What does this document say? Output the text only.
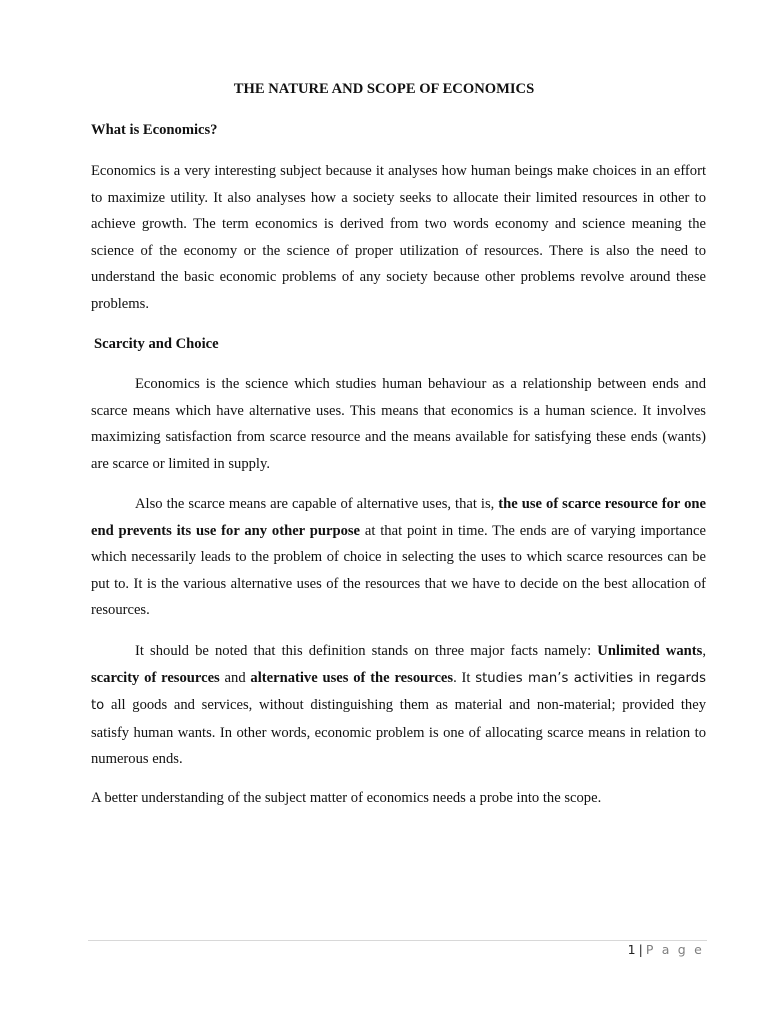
THE NATURE AND SCOPE OF ECONOMICS
What is Economics?

Economics is a very interesting subject because it analyses how human beings make choices in an effort to maximize utility. It also analyses how a society seeks to allocate their limited resources in other to achieve growth. The term economics is derived from two words economy and science meaning the science of the economy or the science of proper utilization of resources. There is also the need to understand the basic economic problems of any society because other problems revolve around these problems.

Scarcity and Choice

Economics is the science which studies human behaviour as a relationship between ends and scarce means which have alternative uses. This means that economics is a human science. It involves maximizing satisfaction from scarce resource and the means available for satisfying these ends (wants) are scarce or limited in supply.

Also the scarce means are capable of alternative uses, that is, the use of scarce resource for one end prevents its use for any other purpose at that point in time. The ends are of varying importance which necessarily leads to the problem of choice in selecting the uses to which scarce resources can be put to. It is the various alternative uses of the resources that we have to decide on the best allocation of resources.

It should be noted that this definition stands on three major facts namely: Unlimited wants, scarcity of resources and alternative uses of the resources. It studies man’s activities in regards to all goods and services, without distinguishing them as material and non-material; provided they satisfy human wants. In other words, economic problem is one of allocating scarce means in relation to numerous ends.

A better understanding of the subject matter of economics needs a probe into the scope.

1 | P a g e
